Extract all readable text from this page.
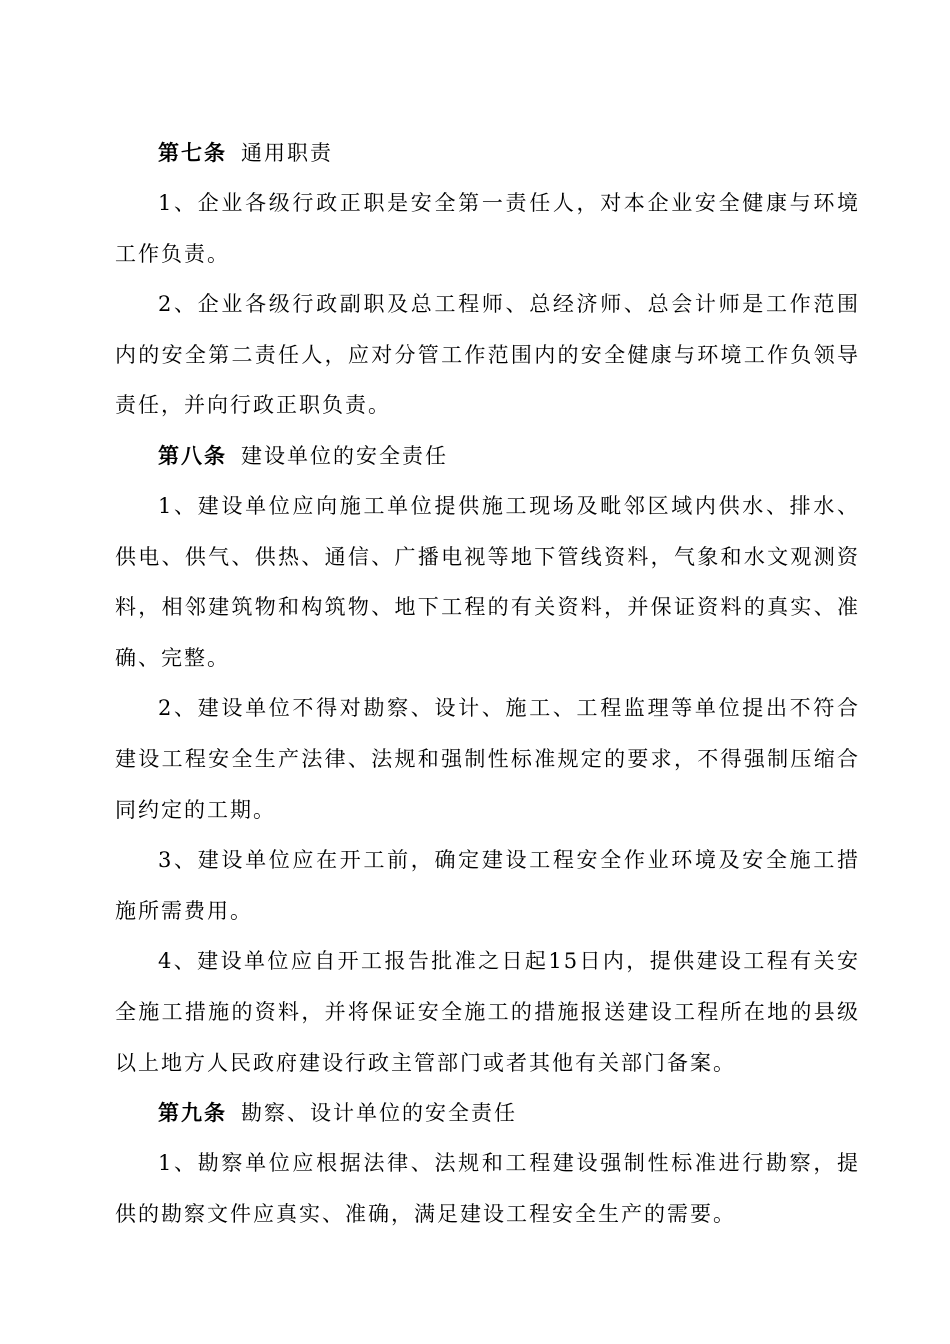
第七条 通用职责

1、企业各级行政正职是安全第一责任人，对本企业安全健康与环境工作负责。

2、企业各级行政副职及总工程师、总经济师、总会计师是工作范围内的安全第二责任人，应对分管工作范围内的安全健康与环境工作负领导责任，并向行政正职负责。

第八条 建设单位的安全责任

1、建设单位应向施工单位提供施工现场及毗邻区域内供水、排水、供电、供气、供热、通信、广播电视等地下管线资料，气象和水文观测资料，相邻建筑物和构筑物、地下工程的有关资料，并保证资料的真实、准确、完整。

2、建设单位不得对勘察、设计、施工、工程监理等单位提出不符合建设工程安全生产法律、法规和强制性标准规定的要求，不得强制压缩合同约定的工期。

3、建设单位应在开工前，确定建设工程安全作业环境及安全施工措施所需费用。

4、建设单位应自开工报告批准之日起15日内，提供建设工程有关安全施工措施的资料，并将保证安全施工的措施报送建设工程所在地的县级以上地方人民政府建设行政主管部门或者其他有关部门备案。

第九条 勘察、设计单位的安全责任

1、勘察单位应根据法律、法规和工程建设强制性标准进行勘察，提供的勘察文件应真实、准确，满足建设工程安全生产的需要。
